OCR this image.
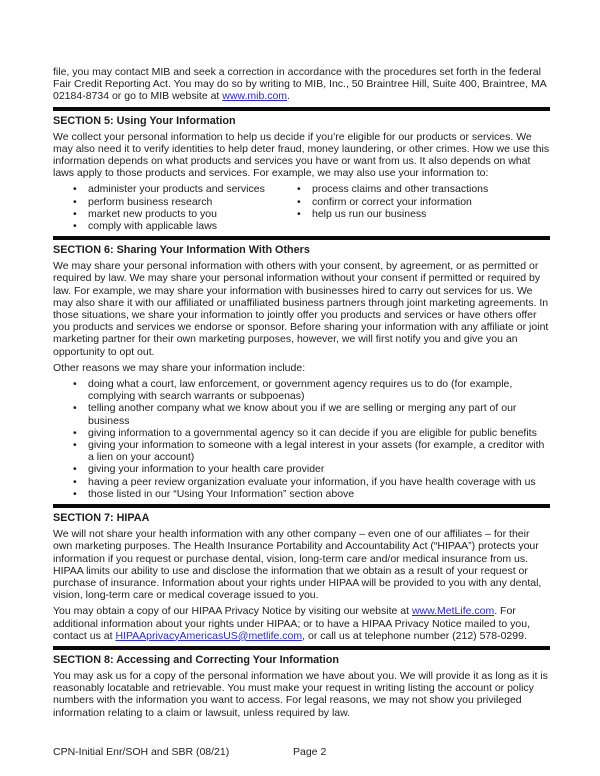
file, you may contact MIB and seek a correction in accordance with the procedures set forth in the federal Fair Credit Reporting Act. You may do so by writing to MIB, Inc., 50 Braintree Hill, Suite 400, Braintree, MA 02184-8734 or go to MIB website at www.mib.com.

SECTION 5: Using Your Information

We collect your personal information to help us decide if you’re eligible for our products or services. We may also need it to verify identities to help deter fraud, money laundering, or other crimes. How we use this information depends on what products and services you have or want from us. It also depends on what laws apply to those products and services. For example, we may also use your information to:

• administer your products and services
• perform business research
• market new products to you
• comply with applicable laws
• process claims and other transactions
• confirm or correct your information
• help us run our business
SECTION 6: Sharing Your Information With Others

We may share your personal information with others with your consent, by agreement, or as permitted or required by law. We may share your personal information without your consent if permitted or required by law. For example, we may share your information with businesses hired to carry out services for us. We may also share it with our affiliated or unaffiliated business partners through joint marketing agreements. In those situations, we share your information to jointly offer you products and services or have others offer you products and services we endorse or sponsor. Before sharing your information with any affiliate or joint marketing partner for their own marketing purposes, however, we will first notify you and give you an opportunity to opt out.

Other reasons we may share your information include:

• doing what a court, law enforcement, or government agency requires us to do (for example, complying with search warrants or subpoenas)
• telling another company what we know about you if we are selling or merging any part of our business
• giving information to a governmental agency so it can decide if you are eligible for public benefits
• giving your information to someone with a legal interest in your assets (for example, a creditor with a lien on your account)
• giving your information to your health care provider
• having a peer review organization evaluate your information, if you have health coverage with us
• those listed in our “Using Your Information” section above
SECTION 7: HIPAA

We will not share your health information with any other company – even one of our affiliates – for their own marketing purposes. The Health Insurance Portability and Accountability Act (“HIPAA”) protects your information if you request or purchase dental, vision, long-term care and/or medical insurance from us. HIPAA limits our ability to use and disclose the information that we obtain as a result of your request or purchase of insurance. Information about your rights under HIPAA will be provided to you with any dental, vision, long-term care or medical coverage issued to you.

You may obtain a copy of our HIPAA Privacy Notice by visiting our website at www.MetLife.com. For additional information about your rights under HIPAA; or to have a HIPAA Privacy Notice mailed to you, contact us at HIPAAprivacyAmericasUS@metlife.com, or call us at telephone number (212) 578-0299.

SECTION 8: Accessing and Correcting Your Information

You may ask us for a copy of the personal information we have about you. We will provide it as long as it is reasonably locatable and retrievable. You must make your request in writing listing the account or policy numbers with the information you want to access. For legal reasons, we may not show you privileged information relating to a claim or lawsuit, unless required by law.

CPN-Initial Enr/SOH and SBR (08/21)	Page 2
